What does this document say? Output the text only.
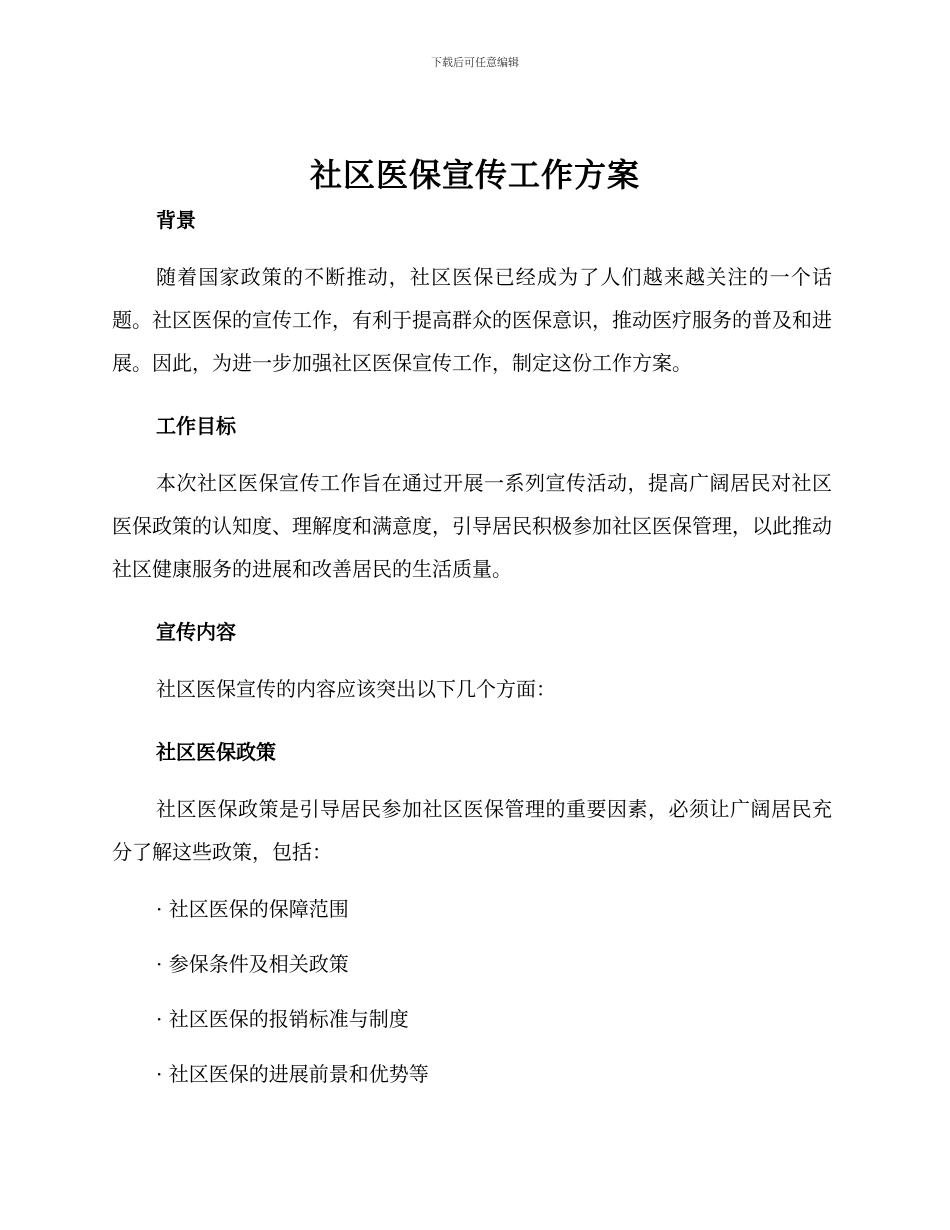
下载后可任意编辑
社区医保宣传工作方案
背景

随着国家政策的不断推动，社区医保已经成为了人们越来越关注的一个话题。社区医保的宣传工作，有利于提高群众的医保意识，推动医疗服务的普及和进展。因此，为进一步加强社区医保宣传工作，制定这份工作方案。

工作目标

本次社区医保宣传工作旨在通过开展一系列宣传活动，提高广阔居民对社区医保政策的认知度、理解度和满意度，引导居民积极参加社区医保管理，以此推动社区健康服务的进展和改善居民的生活质量。

宣传内容

社区医保宣传的内容应该突出以下几个方面：

社区医保政策

社区医保政策是引导居民参加社区医保管理的重要因素，必须让广阔居民充分了解这些政策，包括：

· 社区医保的保障范围

· 参保条件及相关政策

· 社区医保的报销标准与制度

· 社区医保的进展前景和优势等
